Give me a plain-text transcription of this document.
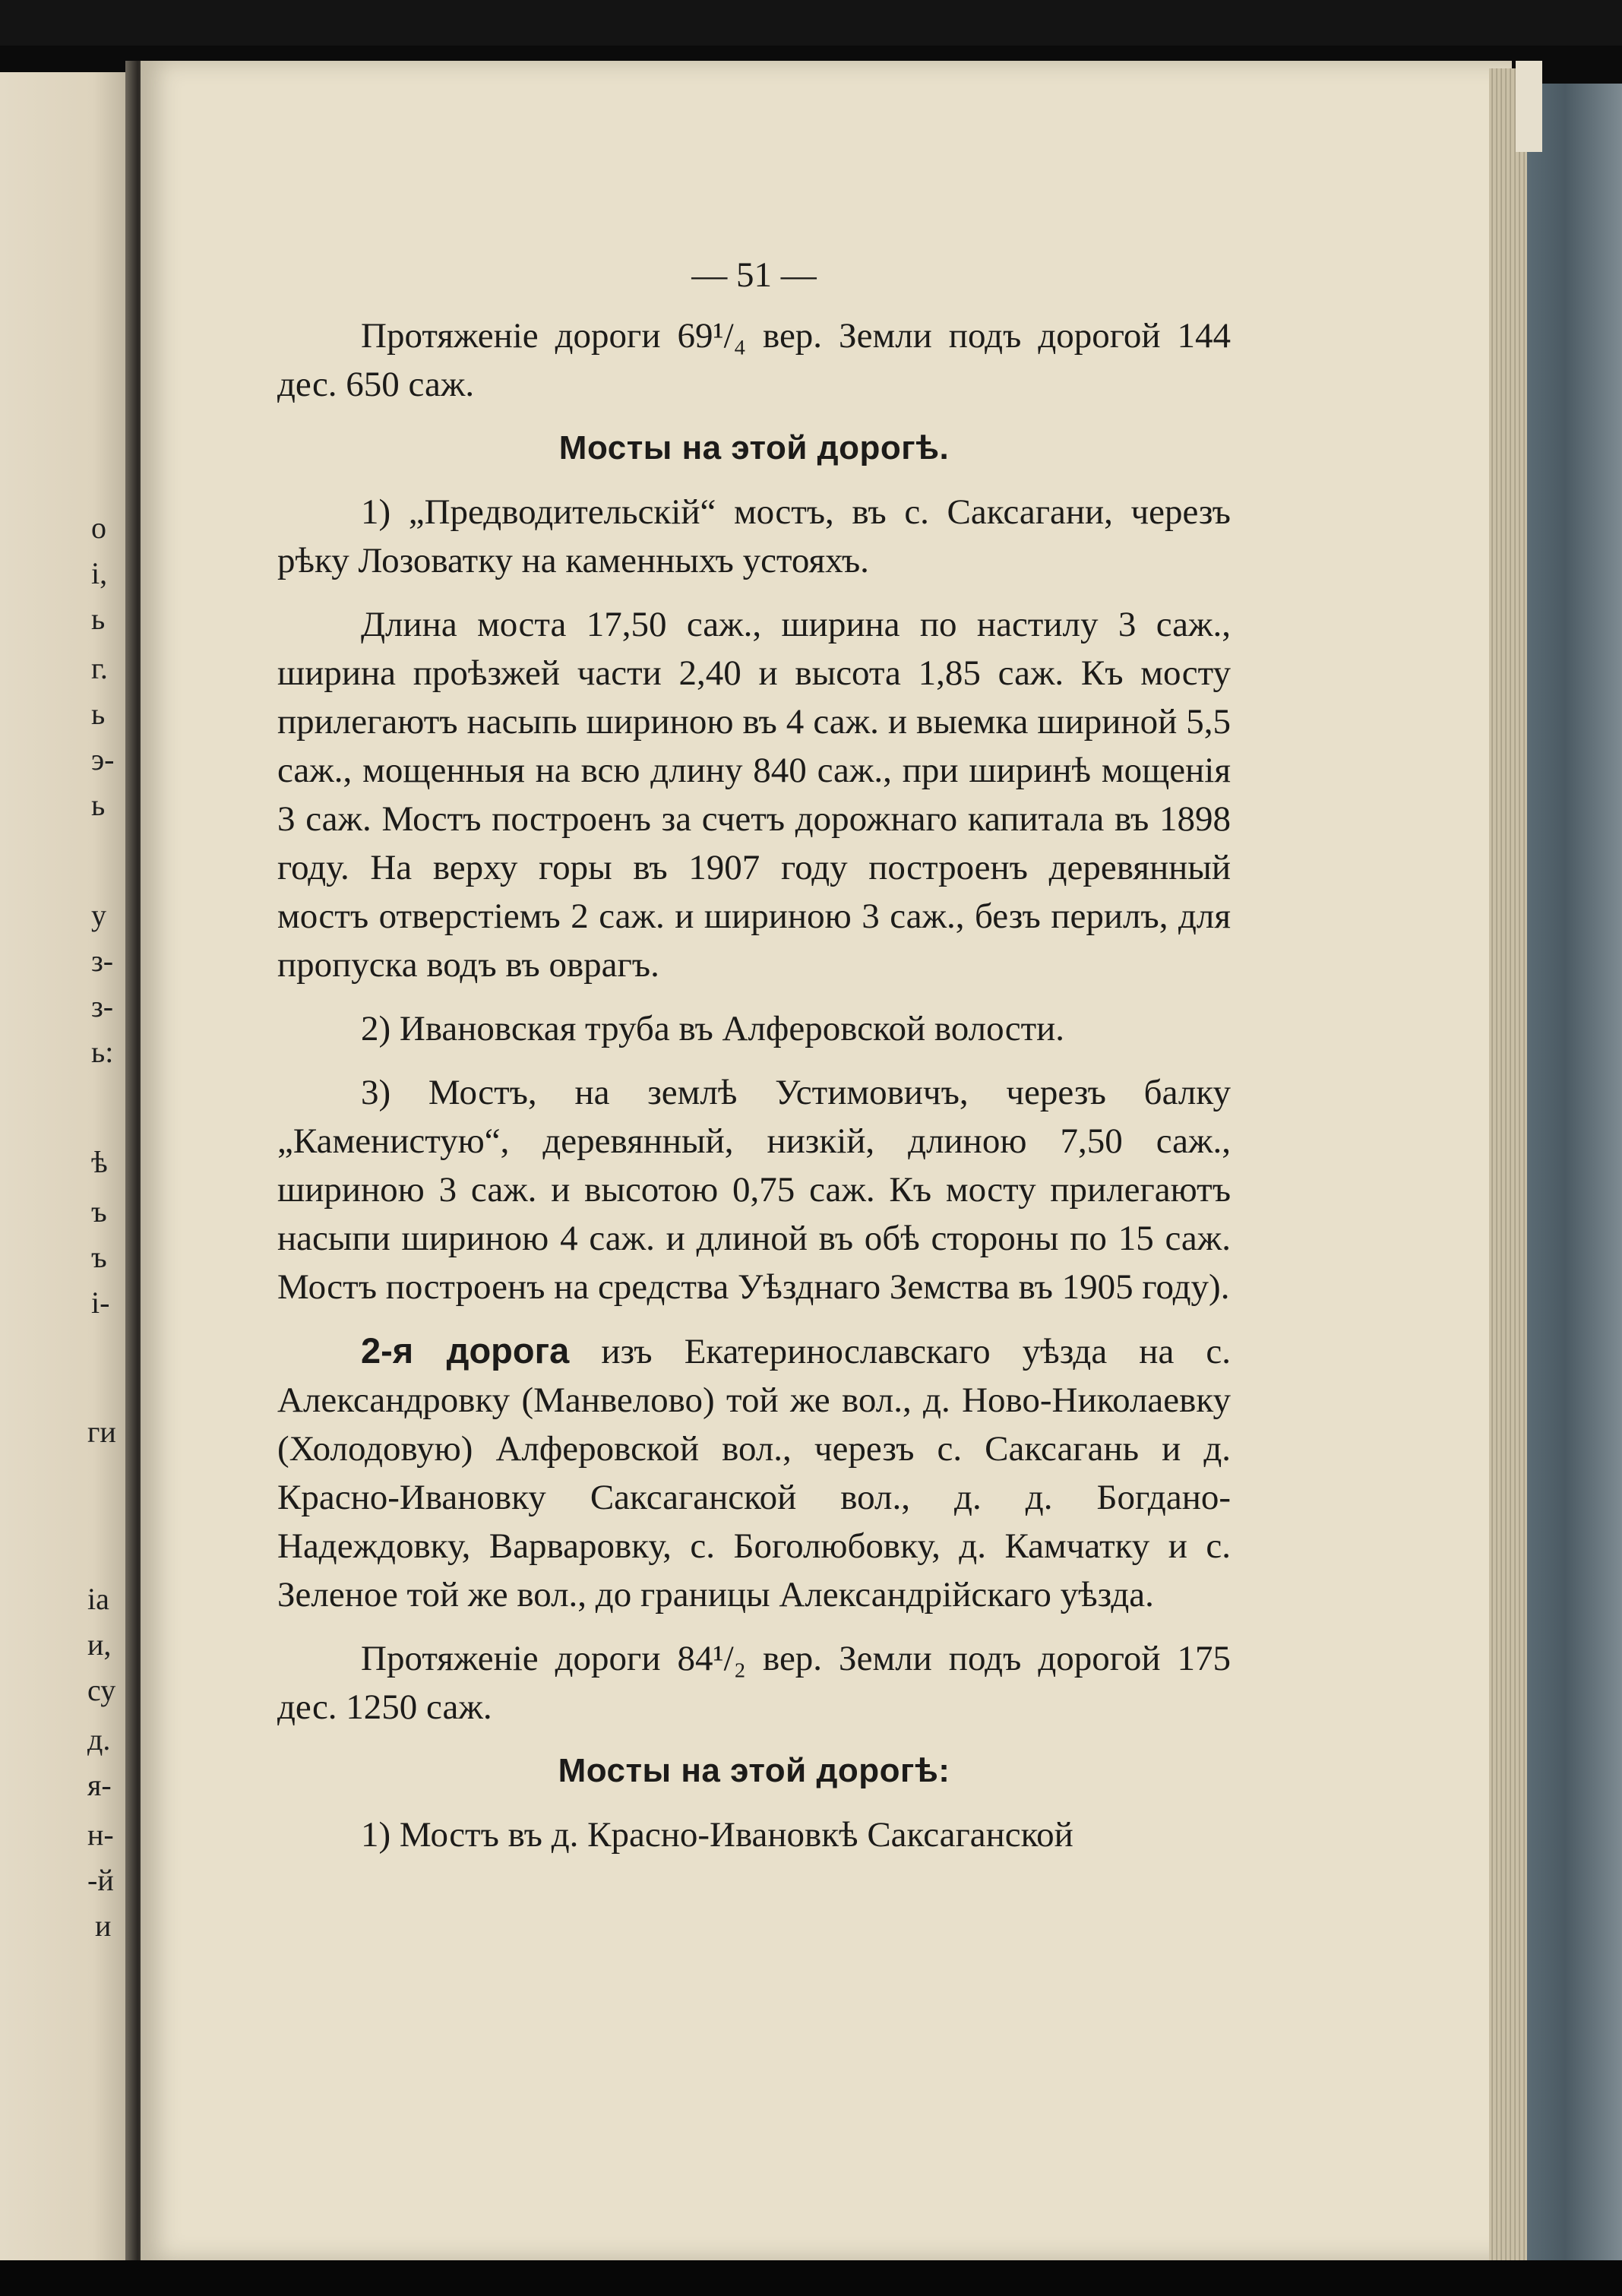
о
і,
ь
г.
ь
э-
ь
у
з-
з-
ь:
ѣ
ъ
ъ
і-
ги
іа
и,
су
д.
я-
н-
-й
и
— 51 —

Протяженіе дороги 69¹/₄ вер. Земли подъ дорогой 144 дес. 650 саж.

Мосты на этой дорогѣ.

1) „Предводительскій“ мостъ, въ с. Саксагани, черезъ рѣку Лозоватку на каменныхъ устояхъ.

Длина моста 17,50 саж., ширина по настилу 3 саж., ширина проѣзжей части 2,40 и высота 1,85 саж. Къ мосту прилегаютъ насыпь шириною въ 4 саж. и выемка шириной 5,5 саж., мощенныя на всю длину 840 саж., при ширинѣ мощенія 3 саж. Мостъ построенъ за счетъ дорожнаго капитала въ 1898 году. На верху горы въ 1907 году построенъ деревянный мостъ отверстіемъ 2 саж. и шириною 3 саж., безъ перилъ, для пропуска водъ въ оврагъ.

2) Ивановская труба въ Алферовской волости.

3) Мостъ, на землѣ Устимовичъ, черезъ балку „Каменистую“, деревянный, низкій, длиною 7,50 саж., шириною 3 саж. и высотою 0,75 саж. Къ мосту прилегаютъ насыпи шириною 4 саж. и длиной въ обѣ стороны по 15 саж. Мостъ построенъ на средства Уѣзднаго Земства въ 1905 году).

2-я дорога изъ Екатеринославскаго уѣзда на с. Александровку (Манвелово) той же вол., д. Ново-Николаевку (Холодовую) Алферовской вол., черезъ с. Саксагань и д. Красно-Ивановку Саксаганской вол., д. д. Богдано-Надеждовку, Варваровку, с. Боголюбовку, д. Камчатку и с. Зеленое той же вол., до границы Александрійскаго уѣзда.

Протяженіе дороги 84¹/₂ вер. Земли подъ дорогой 175 дес. 1250 саж.

Мосты на этой дорогѣ:

1) Мостъ въ д. Красно-Ивановкѣ Саксаганской
